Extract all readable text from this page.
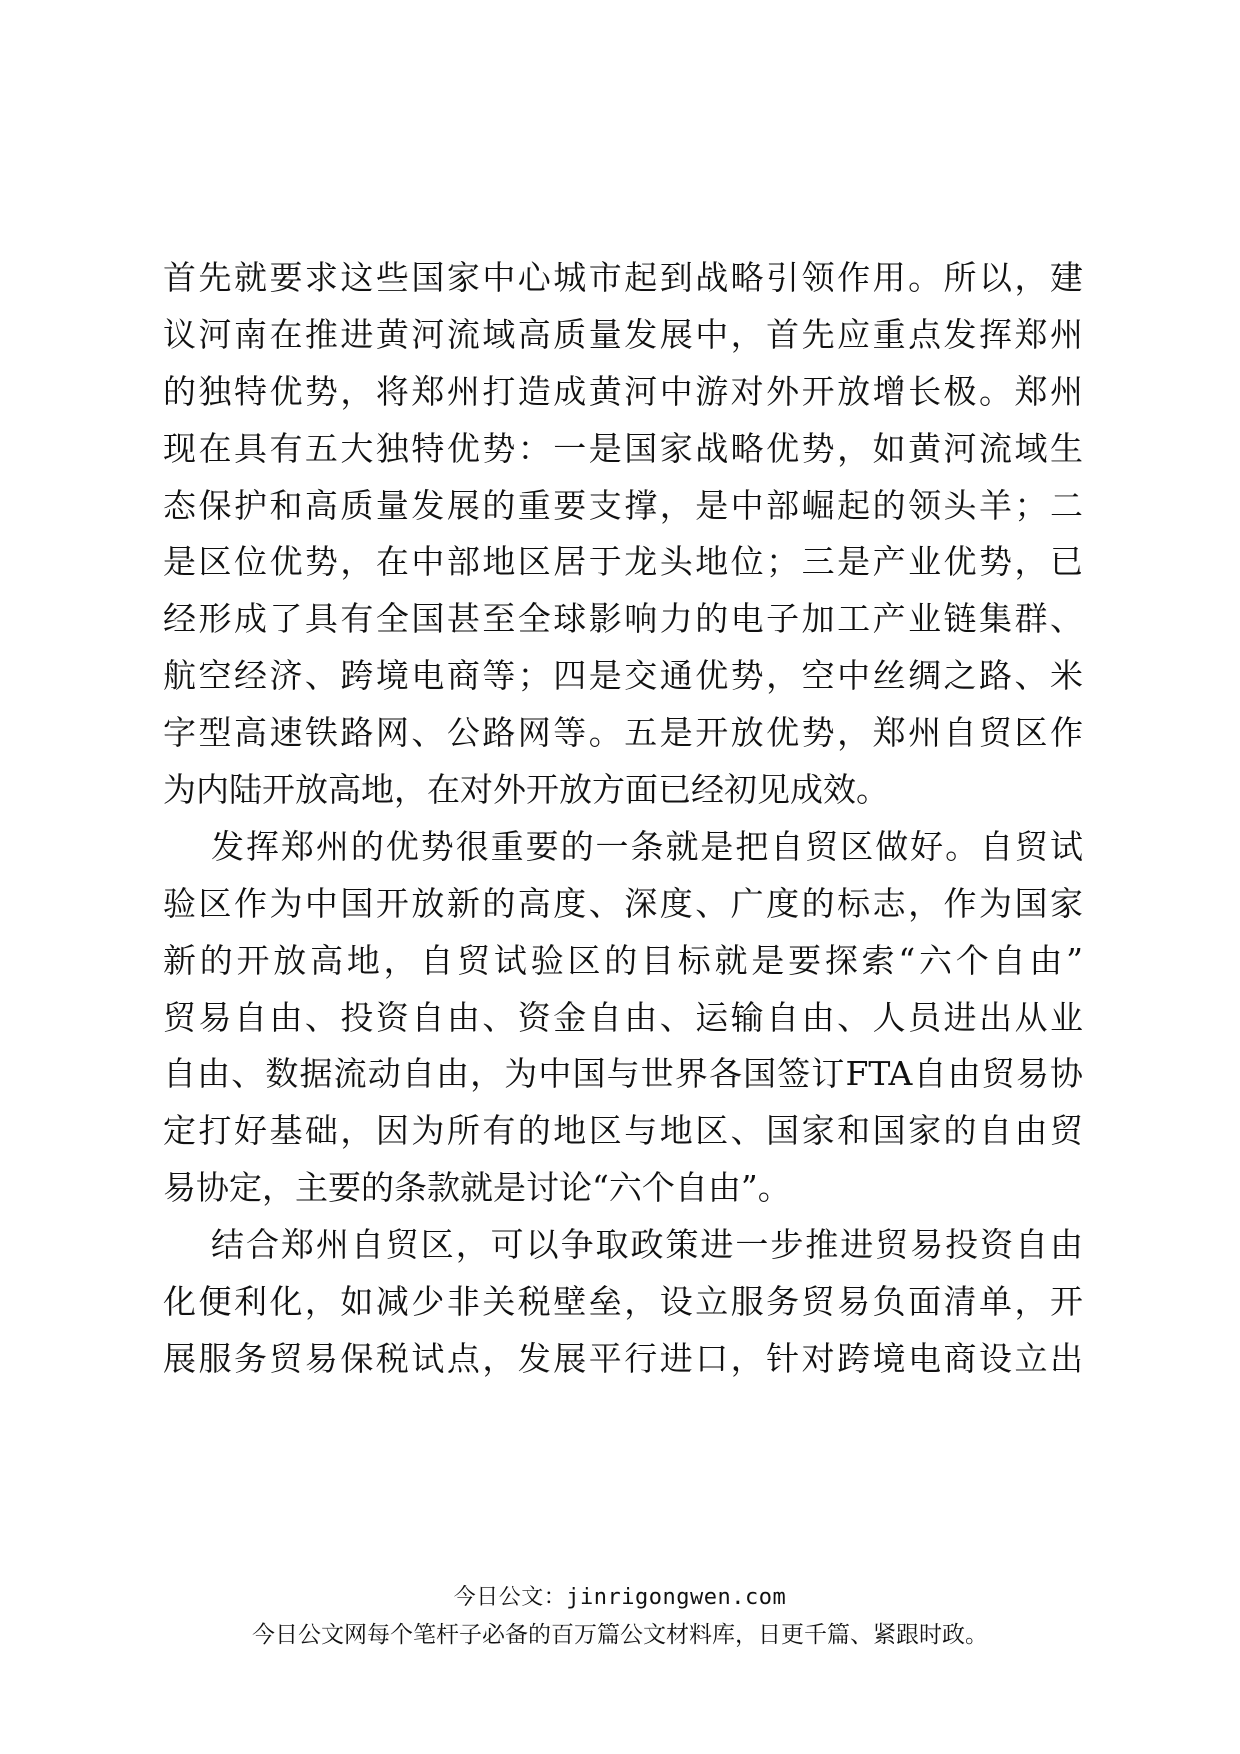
首先就要求这些国家中心城市起到战略引领作用。所以，建
议河南在推进黄河流域高质量发展中，首先应重点发挥郑州
的独特优势，将郑州打造成黄河中游对外开放增长极。郑州
现在具有五大独特优势：一是国家战略优势，如黄河流域生
态保护和高质量发展的重要支撑，是中部崛起的领头羊；二
是区位优势，在中部地区居于龙头地位；三是产业优势，已
经形成了具有全国甚至全球影响力的电子加工产业链集群、
航空经济、跨境电商等；四是交通优势，空中丝绸之路、米
字型高速铁路网、公路网等。五是开放优势，郑州自贸区作
为内陆开放高地，在对外开放方面已经初见成效。
发挥郑州的优势很重要的一条就是把自贸区做好。自贸试
验区作为中国开放新的高度、深度、广度的标志，作为国家
新的开放高地，自贸试验区的目标就是要探索“六个自由”
贸易自由、投资自由、资金自由、运输自由、人员进出从业
自由、数据流动自由，为中国与世界各国签订FTA自由贸易协
定打好基础，因为所有的地区与地区、国家和国家的自由贸
易协定，主要的条款就是讨论“六个自由”。
结合郑州自贸区，可以争取政策进一步推进贸易投资自由
化便利化，如减少非关税壁垒，设立服务贸易负面清单，开
展服务贸易保税试点，发展平行进口，针对跨境电商设立出
今日公文：jinrigongwen.com
今日公文网每个笔杆子必备的百万篇公文材料库，日更千篇、紧跟时政。
